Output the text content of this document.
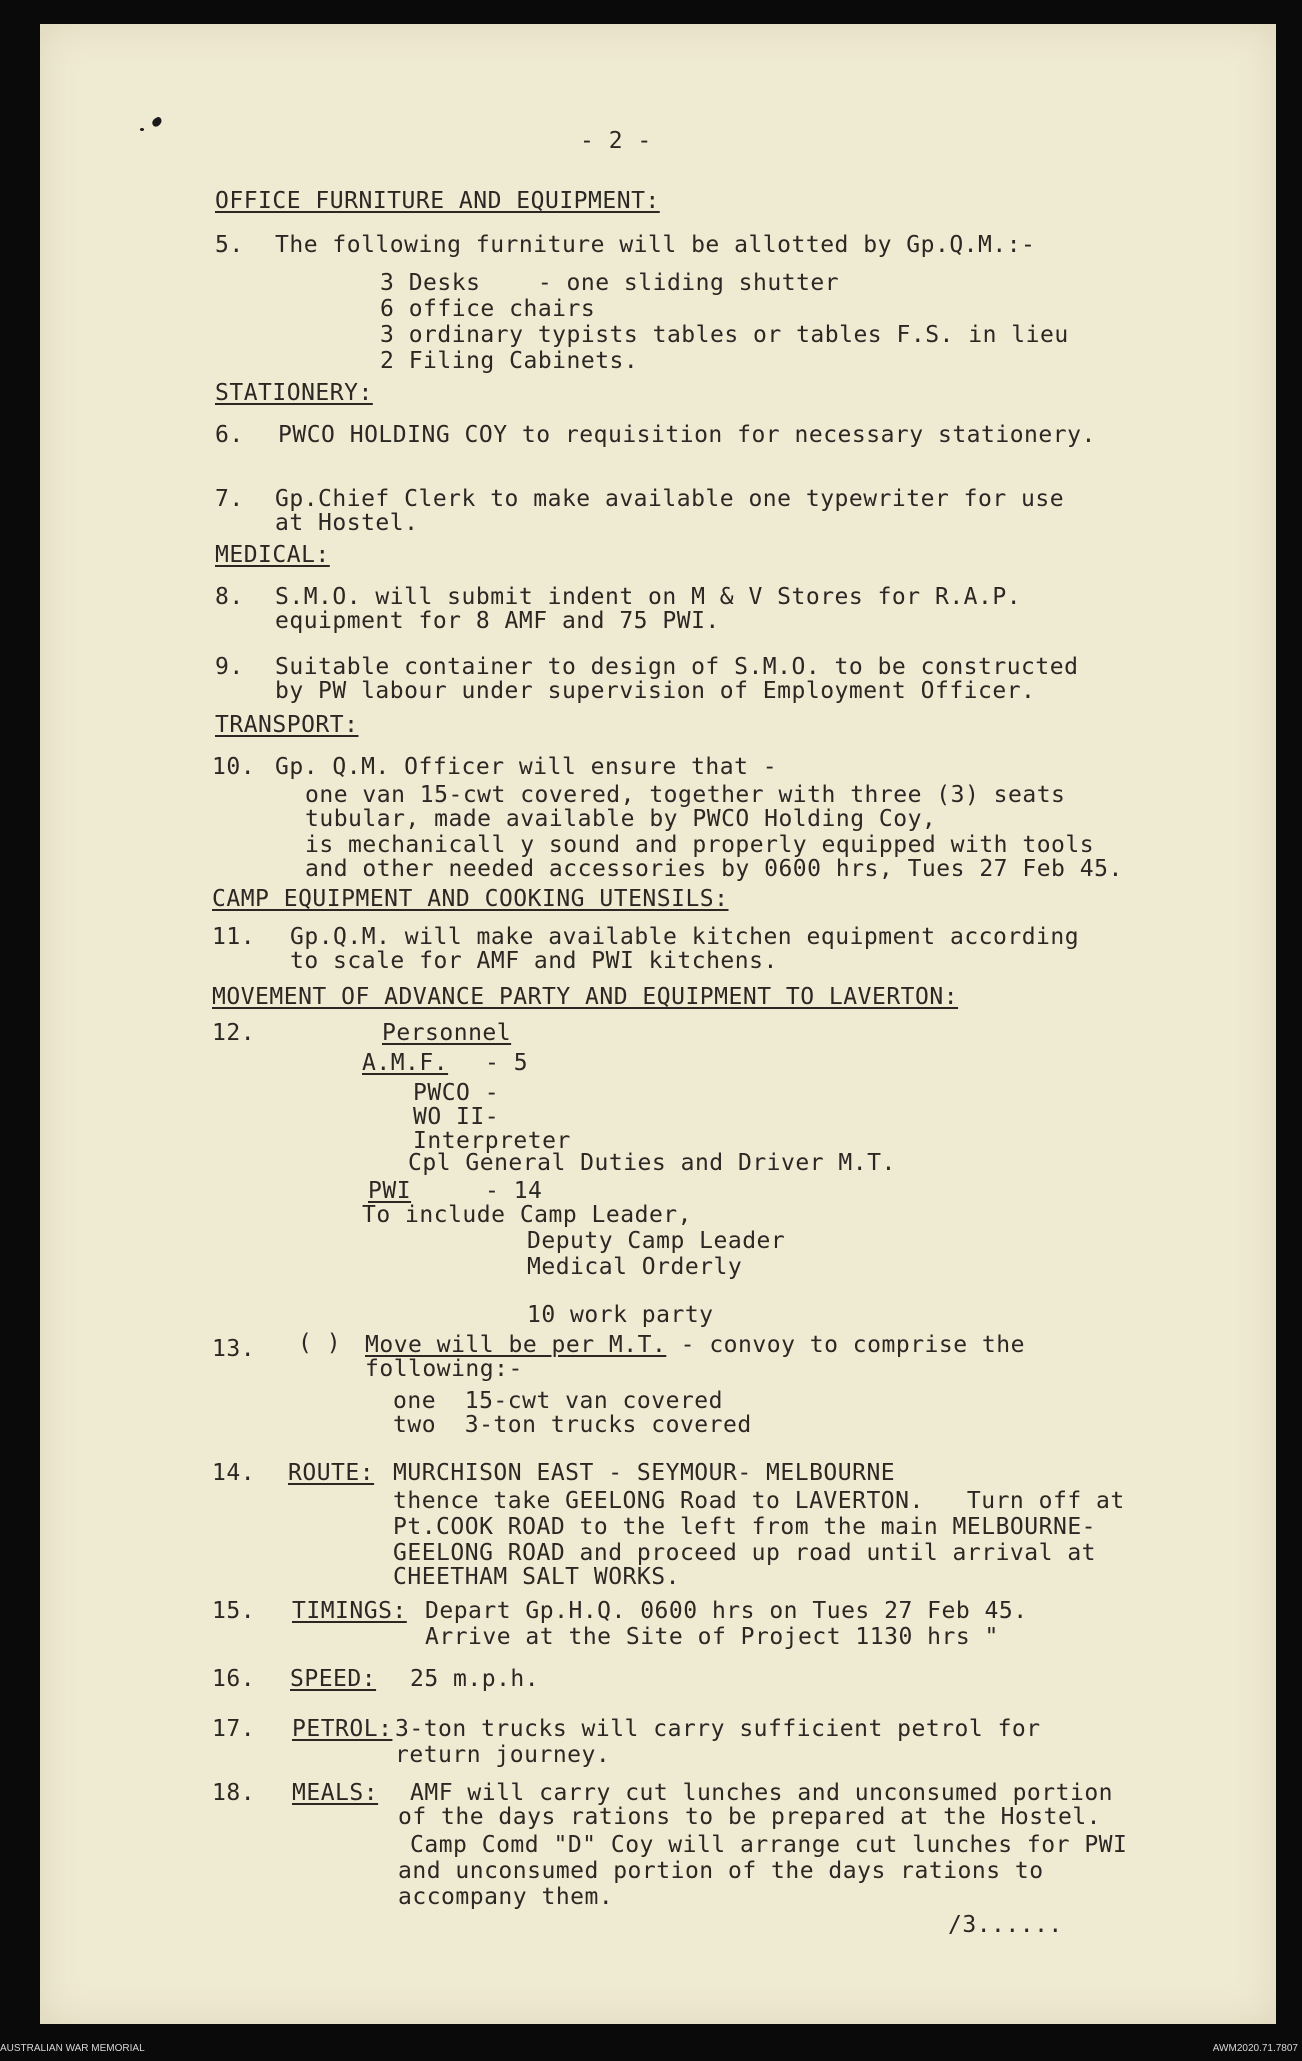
- 2 -
OFFICE FURNITURE AND EQUIPMENT:
5. The following furniture will be allotted by Gp.Q.M.:-
3 Desks    - one sliding shutter
6 office chairs
3 ordinary typists tables or tables F.S. in lieu
2 Filing Cabinets.
STATIONERY:
6. PWCO HOLDING COY to requisition for necessary stationery.
7. Gp.Chief Clerk to make available one typewriter for use
at Hostel.
MEDICAL:
8. S.M.O. will submit indent on M & V Stores for R.A.P.
equipment for 8 AMF and 75 PWI.
9. Suitable container to design of S.M.O. to be constructed
by PW labour under supervision of Employment Officer.
TRANSPORT:
10. Gp. Q.M. Officer will ensure that -
one van 15-cwt covered, together with three (3) seats
tubular, made available by PWCO Holding Coy,
is mechanicall y sound and properly equipped with tools
and other needed accessories by 0600 hrs, Tues 27 Feb 45.
CAMP EQUIPMENT AND COOKING UTENSILS:
11. Gp.Q.M. will make available kitchen equipment according
to scale for AMF and PWI kitchens.
MOVEMENT OF ADVANCE PARTY AND EQUIPMENT TO LAVERTON:
12.	Personnel
A.M.F. - 5
PWCO -
WO II-
Interpreter
Cpl General Duties and Driver M.T.
PWI	- 14
To include Camp Leader,
Deputy Camp Leader
Medical Orderly
10 work party
13. ( ) Move will be per M.T. - convoy to comprise the
following:-
one  15-cwt van covered
two  3-ton trucks covered
14. ROUTE: MURCHISON EAST - SEYMOUR- MELBOURNE
thence take GEELONG Road to LAVERTON.   Turn off at
Pt.COOK ROAD to the left from the main MELBOURNE-
GEELONG ROAD and proceed up road until arrival at
CHEETHAM SALT WORKS.
15. TIMINGS: Depart Gp.H.Q. 0600 hrs on Tues 27 Feb 45.
Arrive at the Site of Project 1130 hrs "
16. SPEED: 25 m.p.h.
17. PETROL: 3-ton trucks will carry sufficient petrol for
return journey.
18. MEALS: AMF will carry cut lunches and unconsumed portion
of the days rations to be prepared at the Hostel.
Camp Comd "D" Coy will arrange cut lunches for PWI
and unconsumed portion of the days rations to
accompany them.
/3......
AUSTRALIAN WAR MEMORIAL	AWM2020.71.7807
